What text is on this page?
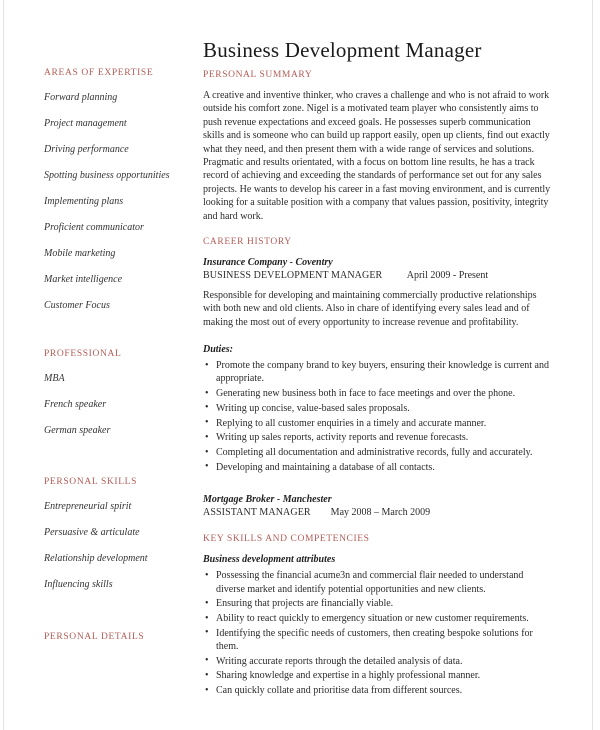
AREAS OF EXPERTISE
Forward planning
Project management
Driving performance
Spotting business opportunities
Implementing plans
Proficient communicator
Mobile marketing
Market intelligence
Customer Focus
PROFESSIONAL
MBA
French speaker
German speaker
PERSONAL SKILLS
Entrepreneurial spirit
Persuasive & articulate
Relationship development
Influencing skills
PERSONAL DETAILS
Business Development Manager
PERSONAL SUMMARY

A creative and inventive thinker, who craves a challenge and who is not afraid to work outside his comfort zone. Nigel is a motivated team player who consistently aims to push revenue expectations and exceed goals. He possesses superb communication skills and is someone who can build up rapport easily, open up clients, find out exactly what they need, and then present them with a wide range of services and solutions. Pragmatic and results orientated, with a focus on bottom line results, he has a track record of achieving and exceeding the standards of performance set out for any sales projects. He wants to develop his career in a fast moving environment, and is currently looking for a suitable position with a company that values passion, positivity, integrity and hard work.

CAREER HISTORY
Insurance Company - Coventry
BUSINESS DEVELOPMENT MANAGER April 2009 - Present

Responsible for developing and maintaining commercially productive relationships with both new and old clients. Also in chare of identifying every sales lead and of making the most out of every opportunity to increase revenue and profitability.

Duties:
• Promote the company brand to key buyers, ensuring their knowledge is current and appropriate.
• Generating new business both in face to face meetings and over the phone.
• Writing up concise, value-based sales proposals.
• Replying to all customer enquiries in a timely and accurate manner.
• Writing up sales reports, activity reports and revenue forecasts.
• Completing all documentation and administrative records, fully and accurately.
• Developing and maintaining a database of all contacts.
Mortgage Broker - Manchester
ASSISTANT MANAGER May 2008 – March 2009
KEY SKILLS AND COMPETENCIES
Business development attributes
• Possessing the financial acume3n and commercial flair needed to understand diverse market and identify potential opportunities and new clients.
• Ensuring that projects are financially viable.
• Ability to react quickly to emergency situation or new customer requirements.
• Identifying the specific needs of customers, then creating bespoke solutions for them.
• Writing accurate reports through the detailed analysis of data.
• Sharing knowledge and expertise in a highly professional manner.
• Can quickly collate and prioritise data from different sources.
